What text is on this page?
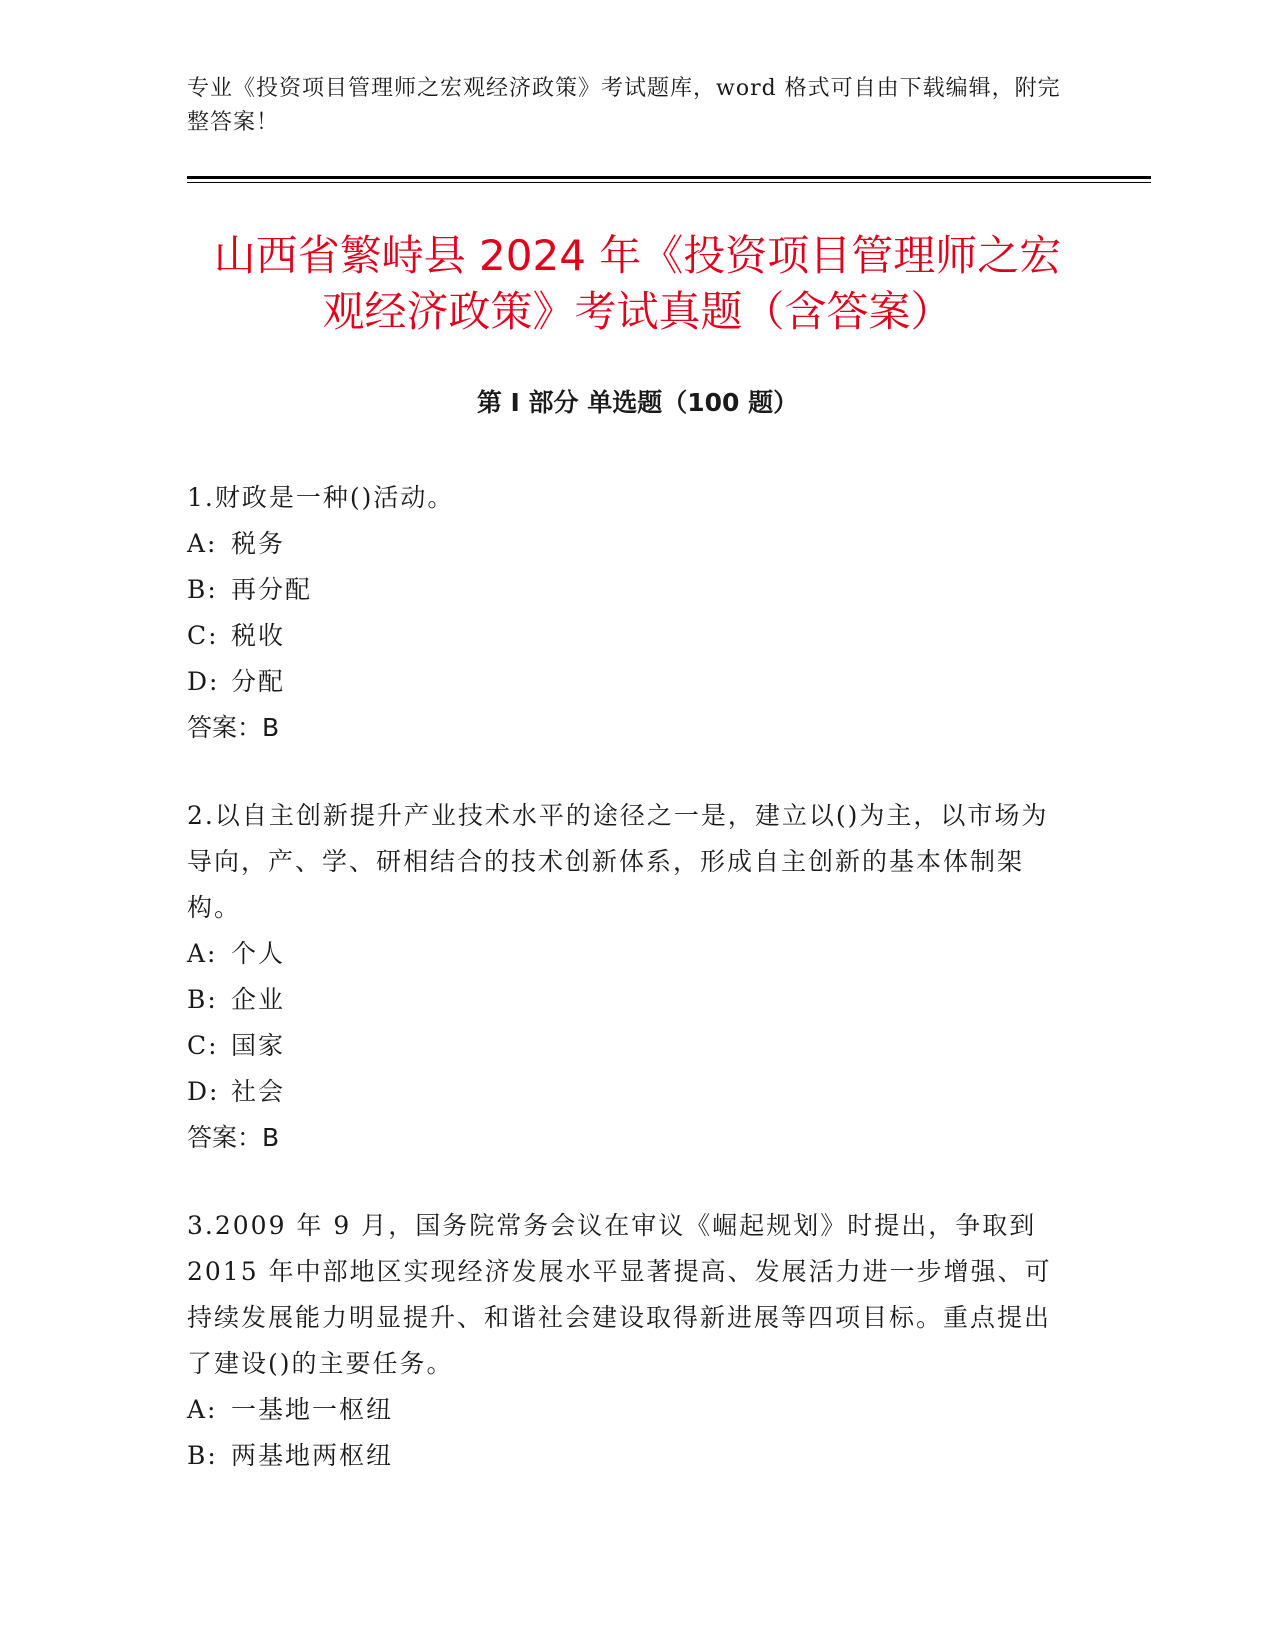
专业《投资项目管理师之宏观经济政策》考试题库，word 格式可自由下载编辑，附完整答案！
山西省繁峙县 2024 年《投资项目管理师之宏
观经济政策》考试真题（含答案）
第 I 部分 单选题（100 题）
1.财政是一种()活动。
A: 税务
B: 再分配
C: 税收
D: 分配
答案：B
2.以自主创新提升产业技术水平的途径之一是，建立以()为主，以市场为导向，产、学、研相结合的技术创新体系，形成自主创新的基本体制架构。
A: 个人
B: 企业
C: 国家
D: 社会
答案：B
3.2009 年 9 月，国务院常务会议在审议《崛起规划》时提出，争取到 2015 年中部地区实现经济发展水平显著提高、发展活力进一步增强、可持续发展能力明显提升、和谐社会建设取得新进展等四项目标。重点提出了建设()的主要任务。
A: 一基地一枢纽
B: 两基地两枢纽
